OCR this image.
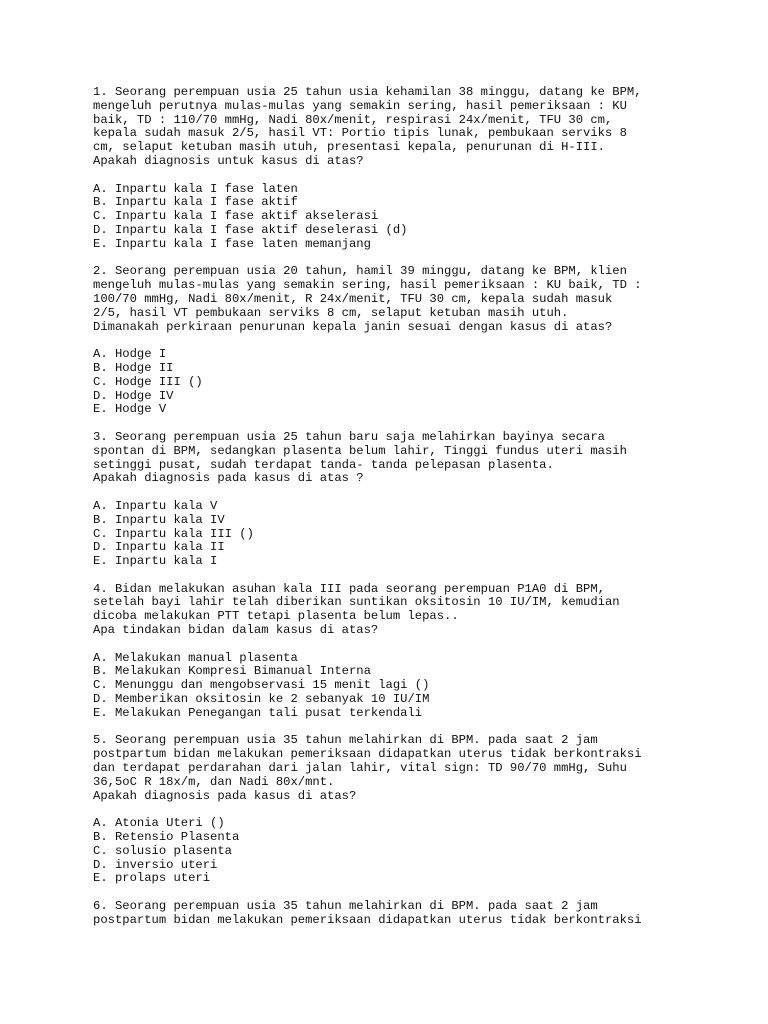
1. Seorang perempuan usia 25 tahun usia kehamilan 38 minggu, datang ke BPM,
mengeluh perutnya mulas-mulas yang semakin sering, hasil pemeriksaan : KU
baik, TD : 110/70 mmHg, Nadi 80x/menit, respirasi 24x/menit, TFU 30 cm,
kepala sudah masuk 2/5, hasil VT: Portio tipis lunak, pembukaan serviks 8
cm, selaput ketuban masih utuh, presentasi kepala, penurunan di H-III.
Apakah diagnosis untuk kasus di atas?
A. Inpartu kala I fase laten
B. Inpartu kala I fase aktif
C. Inpartu kala I fase aktif akselerasi
D. Inpartu kala I fase aktif deselerasi (d)
E. Inpartu kala I fase laten memanjang
2. Seorang perempuan usia 20 tahun, hamil 39 minggu, datang ke BPM, klien
mengeluh mulas-mulas yang semakin sering, hasil pemeriksaan : KU baik, TD :
100/70 mmHg, Nadi 80x/menit, R 24x/menit, TFU 30 cm, kepala sudah masuk
2/5, hasil VT pembukaan serviks 8 cm, selaput ketuban masih utuh.
Dimanakah perkiraan penurunan kepala janin sesuai dengan kasus di atas?
A. Hodge I
B. Hodge II
C. Hodge III ()
D. Hodge IV
E. Hodge V
3. Seorang perempuan usia 25 tahun baru saja melahirkan bayinya secara
spontan di BPM, sedangkan plasenta belum lahir, Tinggi fundus uteri masih
setinggi pusat, sudah terdapat tanda- tanda pelepasan plasenta.
Apakah diagnosis pada kasus di atas ?
A. Inpartu kala V
B. Inpartu kala IV
C. Inpartu kala III ()
D. Inpartu kala II
E. Inpartu kala I
4. Bidan melakukan asuhan kala III pada seorang perempuan P1A0 di BPM,
setelah bayi lahir telah diberikan suntikan oksitosin 10 IU/IM, kemudian
dicoba melakukan PTT tetapi plasenta belum lepas..
Apa tindakan bidan dalam kasus di atas?
A. Melakukan manual plasenta
B. Melakukan Kompresi Bimanual Interna
C. Menunggu dan mengobservasi 15 menit lagi ()
D. Memberikan oksitosin ke 2 sebanyak 10 IU/IM
E. Melakukan Penegangan tali pusat terkendali
5. Seorang perempuan usia 35 tahun melahirkan di BPM. pada saat 2 jam
postpartum bidan melakukan pemeriksaan didapatkan uterus tidak berkontraksi
dan terdapat perdarahan dari jalan lahir, vital sign: TD 90/70 mmHg, Suhu
36,5oC R 18x/m, dan Nadi 80x/mnt.
Apakah diagnosis pada kasus di atas?
A. Atonia Uteri ()
B. Retensio Plasenta
C. solusio plasenta
D. inversio uteri
E. prolaps uteri
6. Seorang perempuan usia 35 tahun melahirkan di BPM. pada saat 2 jam
postpartum bidan melakukan pemeriksaan didapatkan uterus tidak berkontraksi
